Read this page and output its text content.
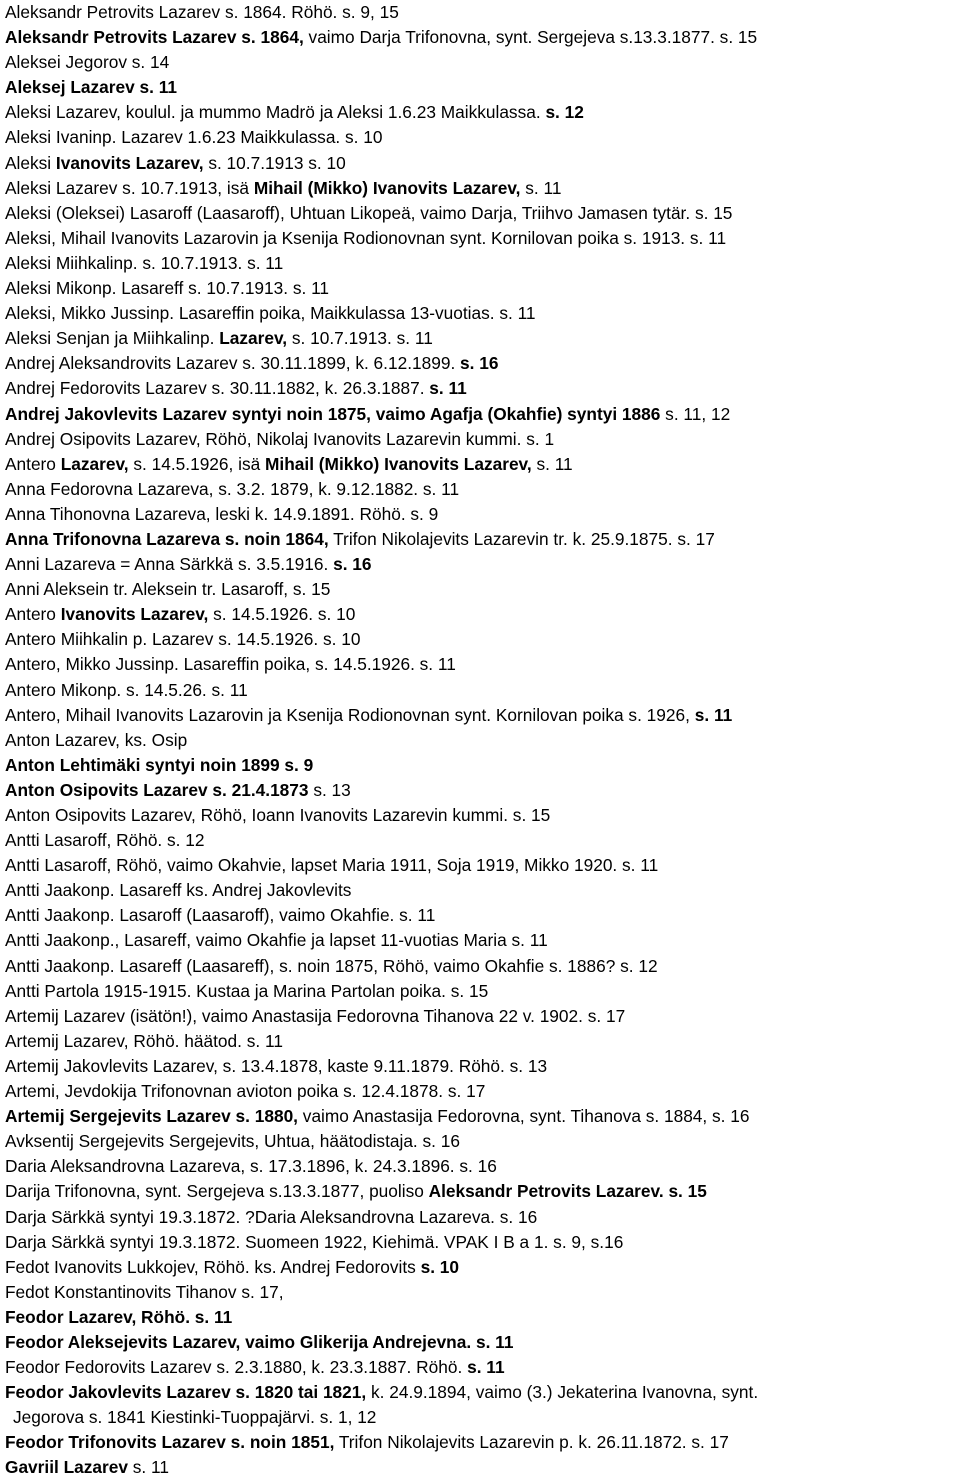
Aleksandr Petrovits Lazarev s. 1864. Röhö. s. 9, 15
Aleksandr Petrovits Lazarev s. 1864, vaimo Darja Trifonovna, synt. Sergejeva s.13.3.1877. s. 15
Aleksei Jegorov s. 14
Aleksej Lazarev s. 11
Aleksi Lazarev, koulul. ja mummo Madrö ja Aleksi 1.6.23 Maikkulassa. s. 12
Aleksi Ivaninp. Lazarev 1.6.23 Maikkulassa. s. 10
Aleksi Ivanovits Lazarev, s. 10.7.1913 s. 10
Aleksi Lazarev s. 10.7.1913, isä Mihail (Mikko) Ivanovits Lazarev, s. 11
Aleksi (Oleksei) Lasaroff (Laasaroff), Uhtuan Likopeä, vaimo Darja, Triihvo Jamasen tytär. s. 15
Aleksi, Mihail Ivanovits Lazarovin ja Ksenija Rodionovnan synt. Kornilovan poika s. 1913. s. 11
Aleksi Miihkalinp. s. 10.7.1913. s. 11
Aleksi Mikonp. Lasareff s. 10.7.1913. s. 11
Aleksi, Mikko Jussinp. Lasareffin poika, Maikkulassa 13-vuotias. s. 11
Aleksi Senjan ja Miihkalinp. Lazarev, s. 10.7.1913. s. 11
Andrej Aleksandrovits Lazarev s. 30.11.1899, k. 6.12.1899. s. 16
Andrej Fedorovits Lazarev s. 30.11.1882, k. 26.3.1887. s. 11
Andrej Jakovlevits Lazarev syntyi noin 1875, vaimo Agafja (Okahfie) syntyi 1886 s. 11, 12
Andrej Osipovits Lazarev, Röhö, Nikolaj Ivanovits Lazarevin kummi. s. 1
Antero Lazarev, s. 14.5.1926, isä Mihail (Mikko) Ivanovits Lazarev, s. 11
Anna Fedorovna Lazareva, s. 3.2. 1879, k. 9.12.1882. s. 11
Anna Tihonovna Lazareva, leski k. 14.9.1891. Röhö. s. 9
Anna Trifonovna Lazareva s. noin 1864, Trifon Nikolajevits Lazarevin tr. k. 25.9.1875. s. 17
Anni Lazareva = Anna Särkkä s. 3.5.1916. s. 16
Anni Aleksein tr. Aleksein tr. Lasaroff, s. 15
Antero Ivanovits Lazarev, s. 14.5.1926. s. 10
Antero Miihkalin p. Lazarev s. 14.5.1926. s. 10
Antero, Mikko Jussinp. Lasareffin poika, s. 14.5.1926. s. 11
Antero Mikonp. s. 14.5.26. s. 11
Antero, Mihail Ivanovits Lazarovin ja Ksenija Rodionovnan synt. Kornilovan poika s. 1926, s. 11
Anton Lazarev, ks. Osip
Anton Lehtimäki syntyi noin 1899 s. 9
Anton Osipovits Lazarev s. 21.4.1873 s. 13
Anton Osipovits Lazarev, Röhö, Ioann Ivanovits Lazarevin kummi. s. 15
Antti Lasaroff, Röhö. s. 12
Antti Lasaroff, Röhö, vaimo Okahvie, lapset Maria 1911, Soja 1919, Mikko 1920. s. 11
Antti Jaakonp. Lasareff ks. Andrej Jakovlevits
Antti Jaakonp. Lasaroff (Laasaroff), vaimo Okahfie. s. 11
Antti Jaakonp., Lasareff, vaimo Okahfie ja lapset 11-vuotias Maria s. 11
Antti Jaakonp. Lasareff (Laasareff), s. noin 1875, Röhö, vaimo Okahfie s. 1886? s. 12
Antti Partola 1915-1915. Kustaa ja Marina Partolan poika. s. 15
Artemij Lazarev (isätön!), vaimo Anastasija Fedorovna Tihanova 22 v. 1902. s. 17
Artemij Lazarev, Röhö. häätod. s. 11
Artemij Jakovlevits Lazarev, s. 13.4.1878, kaste 9.11.1879. Röhö. s. 13
Artemi, Jevdokija Trifonovnan avioton poika s. 12.4.1878. s. 17
Artemij Sergejevits Lazarev s. 1880, vaimo Anastasija Fedorovna, synt. Tihanova s. 1884, s. 16
Avksentij Sergejevits Sergejevits, Uhtua, häätodistaja. s. 16
Daria Aleksandrovna Lazareva, s. 17.3.1896, k. 24.3.1896. s. 16
Darija Trifonovna, synt. Sergejeva s.13.3.1877, puoliso Aleksandr Petrovits Lazarev. s. 15
Darja Särkkä syntyi 19.3.1872. ?Daria Aleksandrovna Lazareva. s. 16
Darja Särkkä syntyi 19.3.1872. Suomeen 1922, Kiehimä. VPAK I B a 1. s. 9, s.16
Fedot Ivanovits Lukkojev, Röhö. ks. Andrej Fedorovits s. 10
Fedot Konstantinovits Tihanov s. 17,
Feodor Lazarev, Röhö. s. 11
Feodor Aleksejevits Lazarev, vaimo Glikerija Andrejevna. s. 11
Feodor Fedorovits Lazarev s. 2.3.1880, k. 23.3.1887. Röhö. s. 11
Feodor Jakovlevits Lazarev s. 1820 tai 1821, k. 24.9.1894, vaimo (3.) Jekaterina Ivanovna, synt.
Jegorova s. 1841 Kiestinki-Tuoppajärvi. s. 1, 12
Feodor Trifonovits Lazarev s. noin 1851, Trifon Nikolajevits Lazarevin p. k. 26.11.1872. s. 17
Gavriil Lazarev s. 11
